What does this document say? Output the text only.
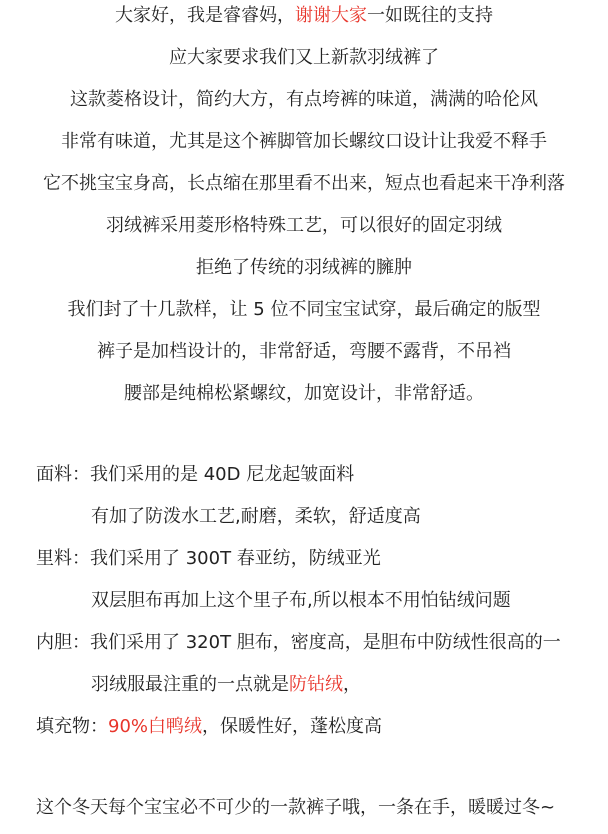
大家好，我是睿睿妈，谢谢大家一如既往的支持
应大家要求我们又上新款羽绒裤了
这款菱格设计，简约大方，有点垮裤的味道，满满的哈伦风
非常有味道，尤其是这个裤脚管加长螺纹口设计让我爱不释手
它不挑宝宝身高，长点缩在那里看不出来，短点也看起来干净利落
羽绒裤采用菱形格特殊工艺，可以很好的固定羽绒
拒绝了传统的羽绒裤的臃肿
我们封了十几款样，让 5 位不同宝宝试穿，最后确定的版型
裤子是加档设计的，非常舒适，弯腰不露背，不吊裆
腰部是纯棉松紧螺纹，加宽设计，非常舒适。
面料：我们采用的是 40D 尼龙起皱面料
有加了防泼水工艺,耐磨，柔软，舒适度高
里料：我们采用了 300T 春亚纺，防绒亚光
双层胆布再加上这个里子布,所以根本不用怕钻绒问题
内胆：我们采用了 320T 胆布，密度高，是胆布中防绒性很高的一
羽绒服最注重的一点就是防钻绒，
填充物：90%白鸭绒，保暖性好，蓬松度高
这个冬天每个宝宝必不可少的一款裤子哦，一条在手，暖暖过冬~
